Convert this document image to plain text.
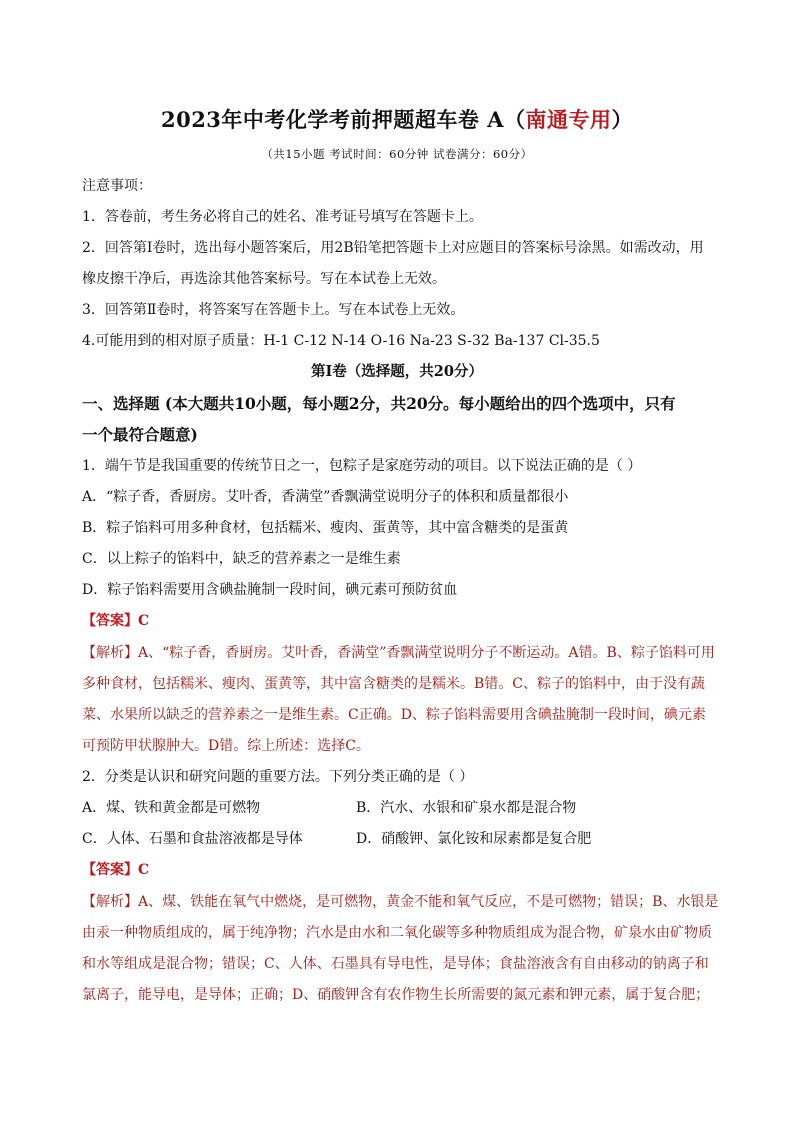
2023年中考化学考前押题超车卷 A（南通专用）
（共15小题 考试时间：60分钟 试卷满分：60分）
注意事项：
1．答卷前，考生务必将自己的姓名、准考证号填写在答题卡上。
2．回答第Ⅰ卷时，选出每小题答案后，用2B铅笔把答题卡上对应题目的答案标号涂黑。如需改动，用
橡皮擦干净后，再选涂其他答案标号。写在本试卷上无效。
3．回答第Ⅱ卷时，将答案写在答题卡上。写在本试卷上无效。
4.可能用到的相对原子质量：H-1 C-12 N-14 O-16 Na-23 S-32 Ba-137 Cl-35.5
第Ⅰ卷（选择题，共20分）
一、选择题 (本大题共10小题，每小题2分，共20分。每小题给出的四个选项中，只有
一个最符合题意)
1．端午节是我国重要的传统节日之一，包粽子是家庭劳动的项目。以下说法正确的是（ ）
A．“粽子香，香厨房。艾叶香，香满堂”香飘满堂说明分子的体积和质量都很小
B．粽子馅料可用多种食材，包括糯米、瘦肉、蛋黄等，其中富含糖类的是蛋黄
C．以上粽子的馅料中，缺乏的营养素之一是维生素
D．粽子馅料需要用含碘盐腌制一段时间，碘元素可预防贫血
【答案】C
【解析】A、“粽子香，香厨房。艾叶香，香满堂”香飘满堂说明分子不断运动。A错。B、粽子馅料可用
多种食材，包括糯米、瘦肉、蛋黄等，其中富含糖类的是糯米。B错。C、粽子的馅料中，由于没有蔬
菜、水果所以缺乏的营养素之一是维生素。C正确。D、粽子馅料需要用含碘盐腌制一段时间，碘元素
可预防甲状腺肿大。D错。综上所述：选择C。
2．分类是认识和研究问题的重要方法。下列分类正确的是（ ）
A．煤、铁和黄金都是可燃物	B．汽水、水银和矿泉水都是混合物
C．人体、石墨和食盐溶液都是导体	D．硝酸钾、氯化铵和尿素都是复合肥
【答案】C
【解析】A、煤、铁能在氧气中燃烧，是可燃物，黄金不能和氧气反应，不是可燃物；错误；B、水银是
由汞一种物质组成的，属于纯净物；汽水是由水和二氧化碳等多种物质组成为混合物，矿泉水由矿物质
和水等组成是混合物；错误；C、人体、石墨具有导电性，是导体；食盐溶液含有自由移动的钠离子和
氯离子，能导电，是导体；正确；D、硝酸钾含有农作物生长所需要的氮元素和钾元素，属于复合肥；
